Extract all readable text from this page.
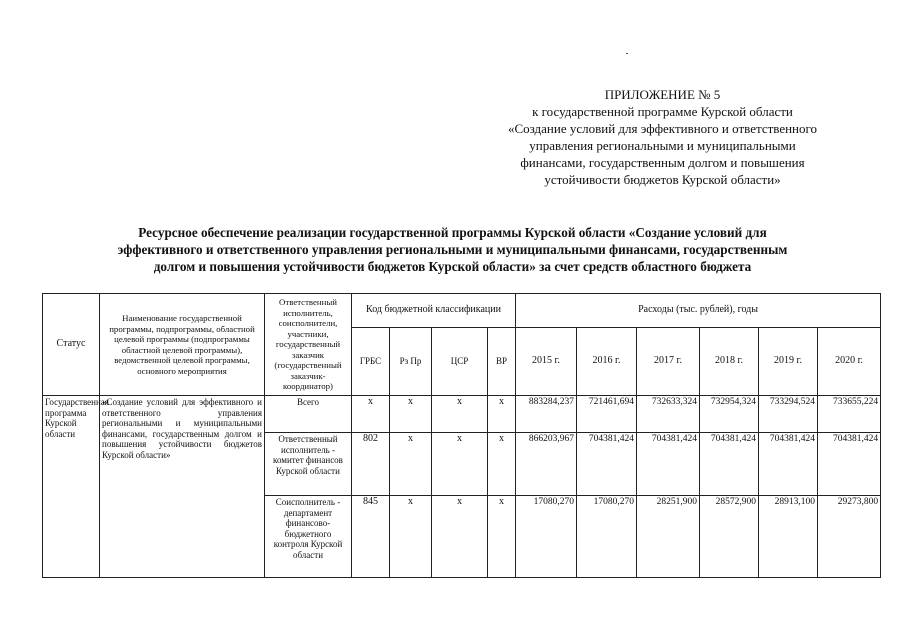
ПРИЛОЖЕНИЕ № 5
к государственной программе Курской области
«Создание условий для эффективного и ответственного
управления региональными и муниципальными
финансами, государственным долгом и повышения
устойчивости бюджетов Курской области»
Ресурсное обеспечение реализации государственной программы Курской области «Создание условий для
эффективного и ответственного управления региональными и муниципальными финансами, государственным
долгом и повышения устойчивости бюджетов Курской области» за счет средств областного бюджета
Статус	Наименование государственной программы, подпрограммы, областной целевой программы (подпрограммы областной целевой программы), ведомственной целевой программы, основного мероприятия	Ответственный исполнитель, соисполнители, участники, государственный заказчик (государственный заказчик-координатор)	Код бюджетной классификации				Расходы (тыс. рублей), годы					
			ГРБС	Рз Пр	ЦСР	ВР	2015 г.	2016 г.	2017 г.	2018 г.	2019 г.	2020 г.
Государственная программа Курской области	«Создание условий для эффективного и ответственного управления региональными и муниципальными финансами, государственным долгом и повышения устойчивости бюджетов Курской области»	Всего	х	х	х	х	883284,237	721461,694	732633,324	732954,324	733294,524	733655,224
		Ответственный исполнитель - комитет финансов Курской области	802	х	х	х	866203,967	704381,424	704381,424	704381,424	704381,424	704381,424
		Соисполнитель - департамент финансово-бюджетного контроля Курской области	845	х	х	х	17080,270	17080,270	28251,900	28572,900	28913,100	29273,800
